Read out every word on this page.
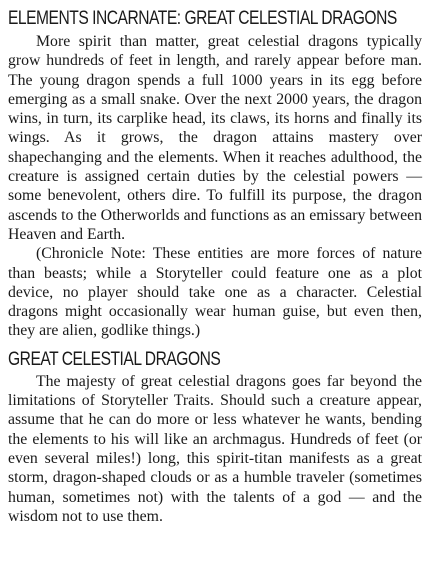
ELEMENTS INCARNATE: GREAT CELESTIAL DRAGONS

More spirit than matter, great celestial dragons typically grow hundreds of feet in length, and rarely appear before man. The young dragon spends a full 1000 years in its egg before emerging as a small snake. Over the next 2000 years, the dragon wins, in turn, its carplike head, its claws, its horns and finally its wings. As it grows, the dragon attains mastery over shapechanging and the elements. When it reaches adulthood, the creature is assigned certain duties by the celestial powers — some benevolent, others dire. To fulfill its purpose, the dragon ascends to the Otherworlds and functions as an emissary between Heaven and Earth.

(Chronicle Note: These entities are more forces of nature than beasts; while a Storyteller could feature one as a plot device, no player should take one as a character. Celestial dragons might occasionally wear human guise, but even then, they are alien, godlike things.)

GREAT CELESTIAL DRAGONS

The majesty of great celestial dragons goes far beyond the limitations of Storyteller Traits. Should such a creature appear, assume that he can do more or less whatever he wants, bending the elements to his will like an archmagus. Hundreds of feet (or even several miles!) long, this spirit-titan manifests as a great storm, dragon-shaped clouds or as a humble traveler (sometimes human, sometimes not) with the talents of a god — and the wisdom not to use them.
